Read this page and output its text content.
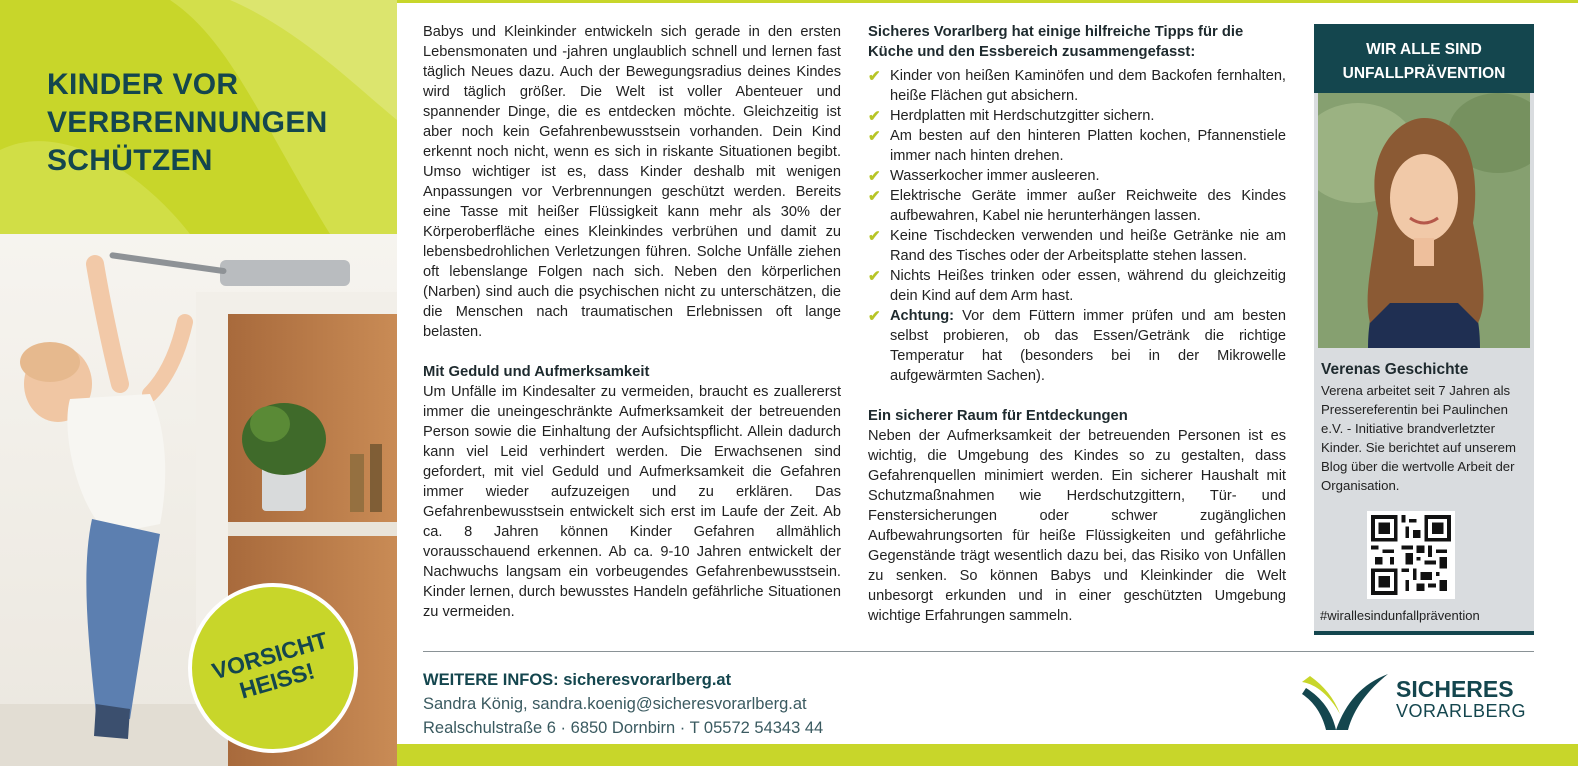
KINDER VOR
VERBRENNUNGEN
SCHÜTZEN
VORSICHT
HEISS!

Babys und Kleinkinder entwickeln sich gerade in den ersten Lebensmonaten und -jahren unglaublich schnell und lernen fast täglich Neues dazu. Auch der Bewegungsradius deines Kindes wird täglich größer. Die Welt ist voller Abenteuer und spannender Dinge, die es entdecken möchte. Gleichzeitig ist aber noch kein Gefahrenbewusstsein vorhanden. Dein Kind erkennt noch nicht, wenn es sich in riskante Situationen begibt. Umso wichtiger ist es, dass Kinder deshalb mit wenigen Anpassungen vor Verbrennungen geschützt werden. Bereits eine Tasse mit heißer Flüssigkeit kann mehr als 30% der Körperoberfläche eines Kleinkindes verbrühen und damit zu lebensbedrohlichen Verletzungen führen. Solche Unfälle ziehen oft lebenslange Folgen nach sich. Neben den körperlichen (Narben) sind auch die psychischen nicht zu unterschätzen, die die Menschen nach traumatischen Erlebnissen oft lange belasten.

Mit Geduld und Aufmerksamkeit

Um Unfälle im Kindesalter zu vermeiden, braucht es zuallererst immer die uneingeschränkte Aufmerksamkeit der betreuenden Person sowie die Einhaltung der Aufsichtspflicht. Allein dadurch kann viel Leid verhindert werden. Die Erwachsenen sind gefordert, mit viel Geduld und Aufmerksamkeit die Gefahren immer wieder aufzuzeigen und zu erklären. Das Gefahrenbewusstsein entwickelt sich erst im Laufe der Zeit. Ab ca. 8 Jahren können Kinder Gefahren allmählich vorausschauend erkennen. Ab ca. 9-10 Jahren entwickelt der Nachwuchs langsam ein vorbeugendes Gefahrenbewusstsein. Kinder lernen, durch bewusstes Handeln gefährliche Situationen zu vermeiden.

Sicheres Vorarlberg hat einige hilfreiche Tipps für die Küche und den Essbereich zusammengefasst:
✔ Kinder von heißen Kaminöfen und dem Backofen fernhalten, heiße Flächen gut absichern.
✔ Herdplatten mit Herdschutzgitter sichern.
✔ Am besten auf den hinteren Platten kochen, Pfannenstiele immer nach hinten drehen.
✔ Wasserkocher immer ausleeren.
✔ Elektrische Geräte immer außer Reichweite des Kindes aufbewahren, Kabel nie herunterhängen lassen.
✔ Keine Tischdecken verwenden und heiße Getränke nie am Rand des Tisches oder der Arbeitsplatte stehen lassen.
✔ Nichts Heißes trinken oder essen, während du gleichzeitig dein Kind auf dem Arm hast.
✔ Achtung: Vor dem Füttern immer prüfen und am besten selbst probieren, ob das Essen/Getränk die richtige Temperatur hat (besonders bei in der Mikrowelle aufgewärmten Sachen).
Ein sicherer Raum für Entdeckungen

Neben der Aufmerksamkeit der betreuenden Personen ist es wichtig, die Umgebung des Kindes so zu gestalten, dass Gefahrenquellen minimiert werden. Ein sicherer Haushalt mit Schutzmaßnahmen wie Herdschutzgittern, Tür- und Fenstersicherungen oder schwer zugänglichen Aufbewahrungsorten für heiße Flüssigkeiten und gefährliche Gegenstände trägt wesentlich dazu bei, das Risiko von Unfällen zu senken. So können Babys und Kleinkinder die Welt unbesorgt erkunden und in einer geschützten Umgebung wichtige Erfahrungen sammeln.

WIR ALLE SIND
UNFALLPRÄVENTION
Verenas Geschichte
Verena arbeitet seit 7 Jahren als Pressereferentin bei Paulinchen e.V. - Initiative brandverletzter Kinder. Sie berichtet auf unserem Blog über die wertvolle Arbeit der Organisation.
#wirallesindunfallprävention
WEITERE INFOS: sicheresvorarlberg.at
Sandra König, sandra.koenig@sicheresvorarlberg.at
Realschulstraße 6 · 6850 Dornbirn · T 05572 54343 44
SICHERES
VORARLBERG
